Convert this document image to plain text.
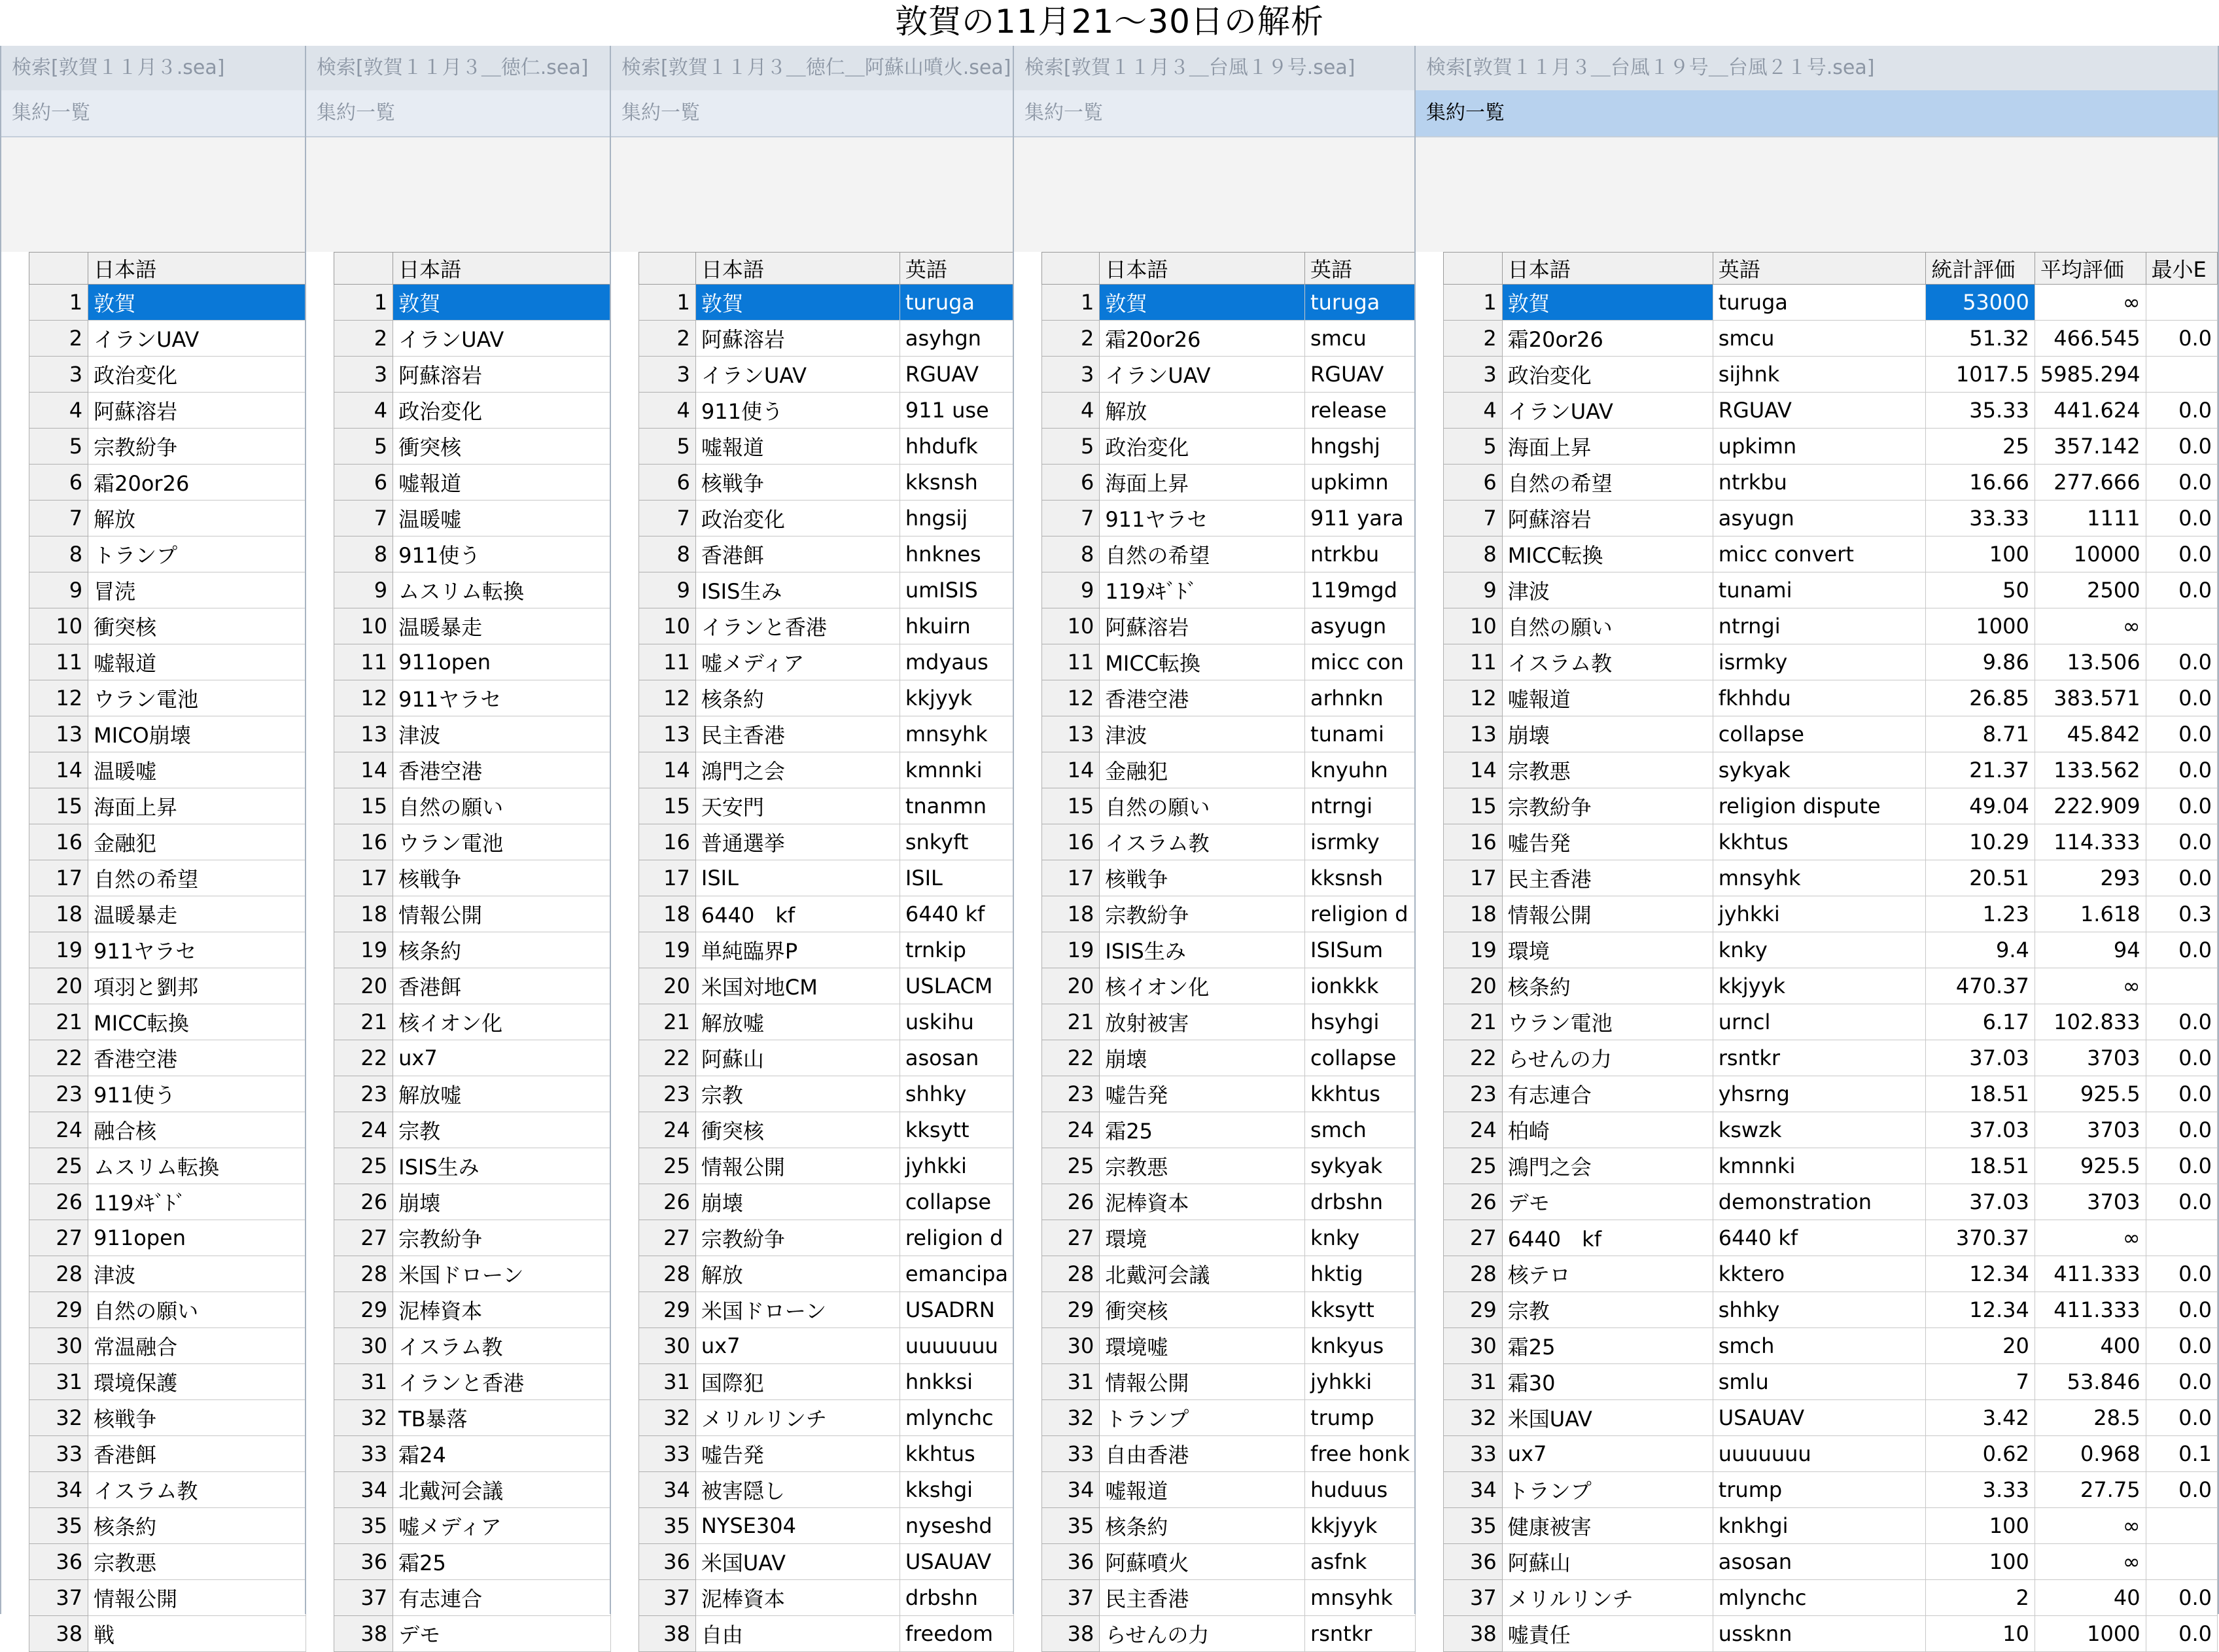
敦賀の11月21～30日の解析
検索[敦賀１１月３.sea]
集約一覧
	日本語
1	敦賀
2	イランUAV
3	政治変化
4	阿蘇溶岩
5	宗教紛争
6	霜20or26
7	解放
8	トランプ
9	冒涜
10	衝突核
11	嘘報道
12	ウラン電池
13	MICO崩壊
14	温暖嘘
15	海面上昇
16	金融犯
17	自然の希望
18	温暖暴走
19	911ヤラセ
20	項羽と劉邦
21	MICC転換
22	香港空港
23	911使う
24	融合核
25	ムスリム転換
26	119ﾒｷﾞﾄﾞ
27	911open
28	津波
29	自然の願い
30	常温融合
31	環境保護
32	核戦争
33	香港餌
34	イスラム教
35	核条約
36	宗教悪
37	情報公開
38	戦
検索[敦賀１１月３＿徳仁.sea]
集約一覧
	日本語
1	敦賀
2	イランUAV
3	阿蘇溶岩
4	政治変化
5	衝突核
6	嘘報道
7	温暖嘘
8	911使う
9	ムスリム転換
10	温暖暴走
11	911open
12	911ヤラセ
13	津波
14	香港空港
15	自然の願い
16	ウラン電池
17	核戦争
18	情報公開
19	核条約
20	香港餌
21	核イオン化
22	ux7
23	解放嘘
24	宗教
25	ISIS生み
26	崩壊
27	宗教紛争
28	米国ドローン
29	泥棒資本
30	イスラム教
31	イランと香港
32	TB暴落
33	霜24
34	北戴河会議
35	嘘メディア
36	霜25
37	有志連合
38	デモ
検索[敦賀１１月３＿徳仁＿阿蘇山噴火.sea]
集約一覧
	日本語	英語
1	敦賀	turuga
2	阿蘇溶岩	asyhgn
3	イランUAV	RGUAV
4	911使う	911 use
5	嘘報道	hhdufk
6	核戦争	kksnsh
7	政治変化	hngsij
8	香港餌	hnknes
9	ISIS生み	umISIS
10	イランと香港	hkuirn
11	嘘メディア	mdyaus
12	核条約	kkjyyk
13	民主香港	mnsyhk
14	鴻門之会	kmnnki
15	天安門	tnanmn
16	普通選挙	snkyft
17	ISIL	ISIL
18	6440　kf	6440 kf
19	単純臨界P	trnkip
20	米国対地CM	USLACM
21	解放嘘	uskihu
22	阿蘇山	asosan
23	宗教	shhky
24	衝突核	kksytt
25	情報公開	jyhkki
26	崩壊	collapse
27	宗教紛争	religion d
28	解放	emancipa
29	米国ドローン	USADRN
30	ux7	uuuuuuu
31	国際犯	hnkksi
32	メリルリンチ	mlynchc
33	嘘告発	kkhtus
34	被害隠し	kkshgi
35	NYSE304	nyseshd
36	米国UAV	USAUAV
37	泥棒資本	drbshn
38	自由	freedom
検索[敦賀１１月３＿台風１９号.sea]
集約一覧
	日本語	英語
1	敦賀	turuga
2	霜20or26	smcu
3	イランUAV	RGUAV
4	解放	release
5	政治変化	hngshj
6	海面上昇	upkimn
7	911ヤラセ	911 yara
8	自然の希望	ntrkbu
9	119ﾒｷﾞﾄﾞ	119mgd
10	阿蘇溶岩	asyugn
11	MICC転換	micc con
12	香港空港	arhnkn
13	津波	tunami
14	金融犯	knyuhn
15	自然の願い	ntrngi
16	イスラム教	isrmky
17	核戦争	kksnsh
18	宗教紛争	religion d
19	ISIS生み	ISISum
20	核イオン化	ionkkk
21	放射被害	hsyhgi
22	崩壊	collapse
23	嘘告発	kkhtus
24	霜25	smch
25	宗教悪	sykyak
26	泥棒資本	drbshn
27	環境	knky
28	北戴河会議	hktig
29	衝突核	kksytt
30	環境嘘	knkyus
31	情報公開	jyhkki
32	トランプ	trump
33	自由香港	free honk
34	嘘報道	huduus
35	核条約	kkjyyk
36	阿蘇噴火	asfnk
37	民主香港	mnsyhk
38	らせんの力	rsntkr
検索[敦賀１１月３＿台風１９号＿台風２１号.sea]
集約一覧
	日本語	英語	統計評価	平均評価	最小E
1	敦賀	turuga	53000	∞	
2	霜20or26	smcu	51.32	466.545	0.0
3	政治変化	sijhnk	1017.5	5985.294	
4	イランUAV	RGUAV	35.33	441.624	0.0
5	海面上昇	upkimn	25	357.142	0.0
6	自然の希望	ntrkbu	16.66	277.666	0.0
7	阿蘇溶岩	asyugn	33.33	1111	0.0
8	MICC転換	micc convert	100	10000	0.0
9	津波	tunami	50	2500	0.0
10	自然の願い	ntrngi	1000	∞	
11	イスラム教	isrmky	9.86	13.506	0.0
12	嘘報道	fkhhdu	26.85	383.571	0.0
13	崩壊	collapse	8.71	45.842	0.0
14	宗教悪	sykyak	21.37	133.562	0.0
15	宗教紛争	religion dispute	49.04	222.909	0.0
16	嘘告発	kkhtus	10.29	114.333	0.0
17	民主香港	mnsyhk	20.51	293	0.0
18	情報公開	jyhkki	1.23	1.618	0.3
19	環境	knky	9.4	94	0.0
20	核条約	kkjyyk	470.37	∞	
21	ウラン電池	urncl	6.17	102.833	0.0
22	らせんの力	rsntkr	37.03	3703	0.0
23	有志連合	yhsrng	18.51	925.5	0.0
24	柏崎	kswzk	37.03	3703	0.0
25	鴻門之会	kmnnki	18.51	925.5	0.0
26	デモ	demonstration	37.03	3703	0.0
27	6440　kf	6440 kf	370.37	∞	
28	核テロ	kktero	12.34	411.333	0.0
29	宗教	shhky	12.34	411.333	0.0
30	霜25	smch	20	400	0.0
31	霜30	smlu	7	53.846	0.0
32	米国UAV	USAUAV	3.42	28.5	0.0
33	ux7	uuuuuuu	0.62	0.968	0.1
34	トランプ	trump	3.33	27.75	0.0
35	健康被害	knkhgi	100	∞	
36	阿蘇山	asosan	100	∞	
37	メリルリンチ	mlynchc	2	40	0.0
38	嘘責任	ussknn	10	1000	0.0
